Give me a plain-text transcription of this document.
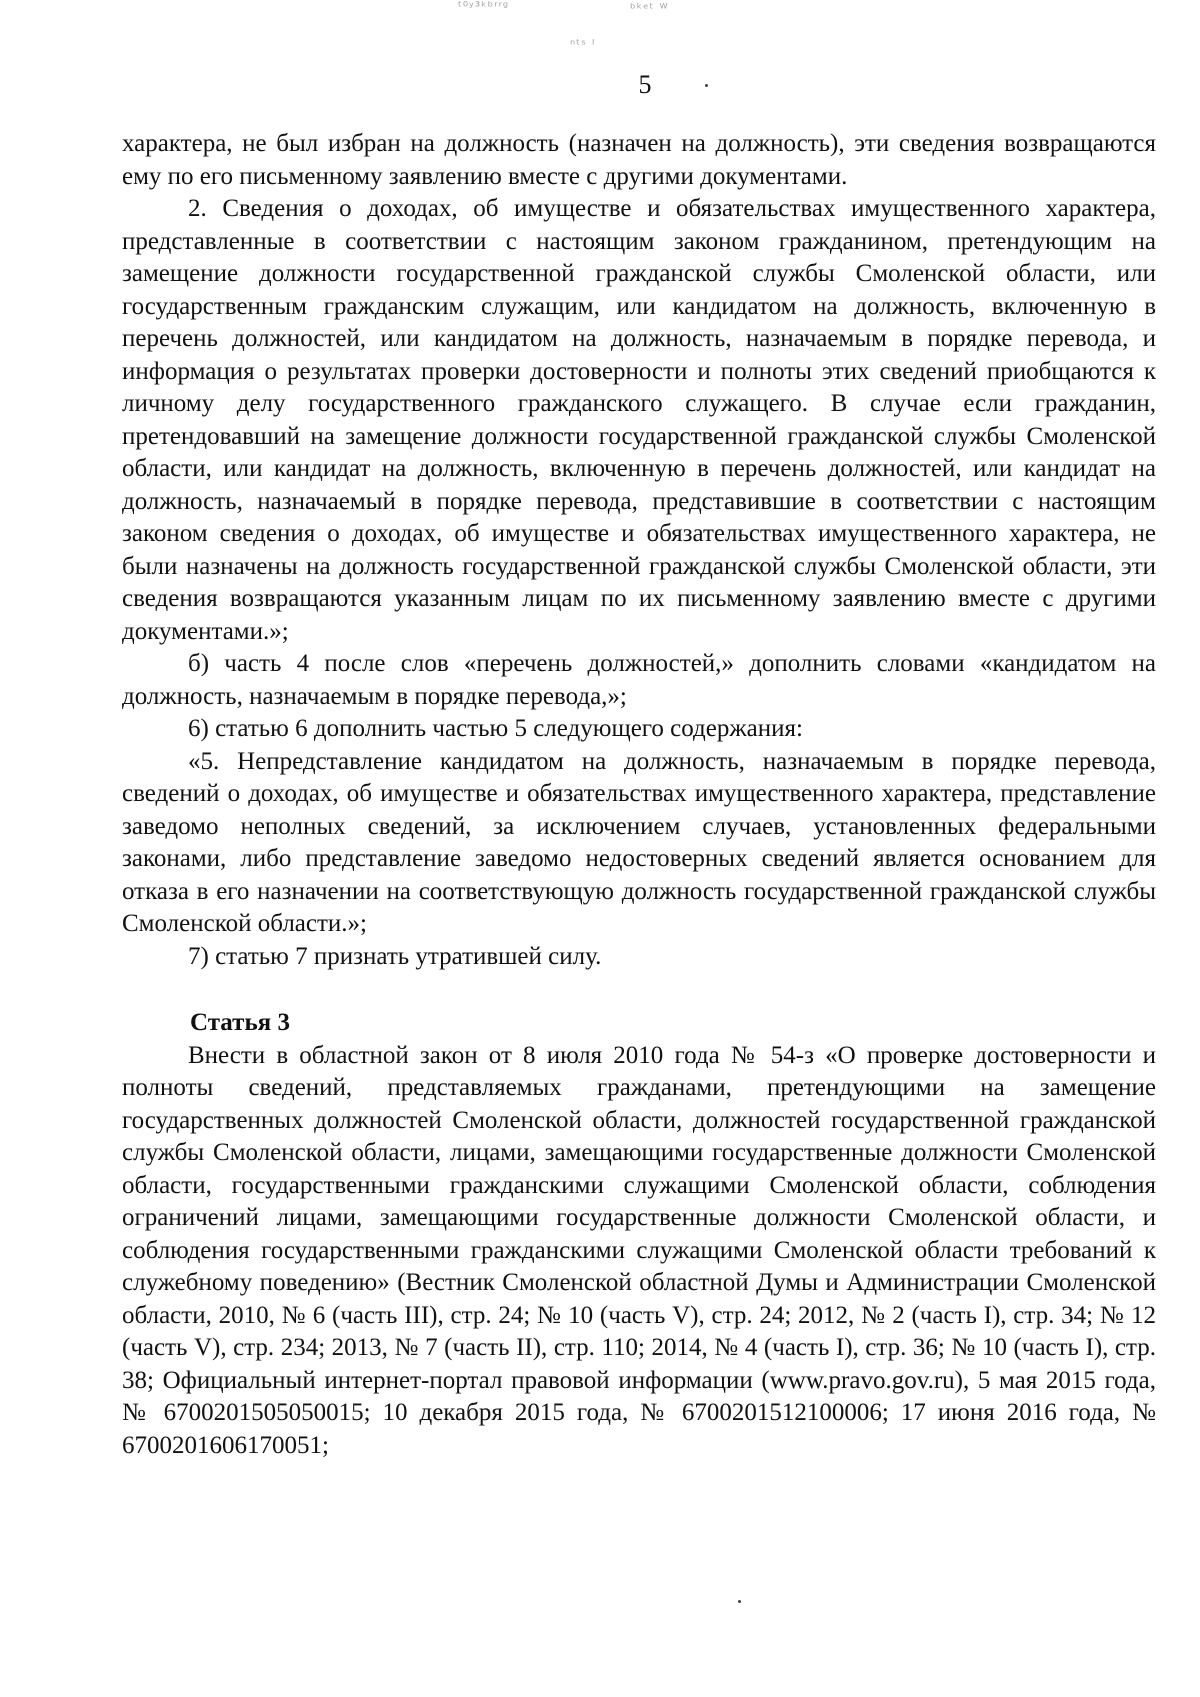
ᵗ⁰ʸ³ᵏᵇʳʳᵍ	ᵇᵏᵉᵗ ᵂ
ⁿᵗˢ ᴵ
5

характера, не был избран на должность (назначен на должность), эти сведения возвращаются ему по его письменному заявлению вместе с другими документами.

2. Сведения о доходах, об имуществе и обязательствах имущественного характера, представленные в соответствии с настоящим законом гражданином, претендующим на замещение должности государственной гражданской службы Смоленской области, или государственным гражданским служащим, или кандидатом на должность, включенную в перечень должностей, или кандидатом на должность, назначаемым в порядке перевода, и информация о результатах проверки достоверности и полноты этих сведений приобщаются к личному делу государственного гражданского служащего. В случае если гражданин, претендовавший на замещение должности государственной гражданской службы Смоленской области, или кандидат на должность, включенную в перечень должностей, или кандидат на должность, назначаемый в порядке перевода, представившие в соответствии с настоящим законом сведения о доходах, об имуществе и обязательствах имущественного характера, не были назначены на должность государственной гражданской службы Смоленской области, эти сведения возвращаются указанным лицам по их письменному заявлению вместе с другими документами.»;

б) часть 4 после слов «перечень должностей,» дополнить словами «кандидатом на должность, назначаемым в порядке перевода,»;

6) статью 6 дополнить частью 5 следующего содержания:

«5. Непредставление кандидатом на должность, назначаемым в порядке перевода, сведений о доходах, об имуществе и обязательствах имущественного характера, представление заведомо неполных сведений, за исключением случаев, установленных федеральными законами, либо представление заведомо недостоверных сведений является основанием для отказа в его назначении на соответствующую должность государственной гражданской службы Смоленской области.»;

7) статью 7 признать утратившей силу.

Статья 3

Внести в областной закон от 8 июля 2010 года № 54-з «О проверке достоверности и полноты сведений, представляемых гражданами, претендующими на замещение государственных должностей Смоленской области, должностей государственной гражданской службы Смоленской области, лицами, замещающими государственные должности Смоленской области, государственными гражданскими служащими Смоленской области, соблюдения ограничений лицами, замещающими государственные должности Смоленской области, и соблюдения государственными гражданскими служащими Смоленской области требований к служебному поведению» (Вестник Смоленской областной Думы и Администрации Смоленской области, 2010, № 6 (часть III), стр. 24; № 10 (часть V), стр. 24; 2012, № 2 (часть I), стр. 34; № 12 (часть V), стр. 234; 2013, № 7 (часть II), стр. 110; 2014, № 4 (часть I), стр. 36; № 10 (часть I), стр. 38; Официальный интернет-портал правовой информации (www.pravo.gov.ru), 5 мая 2015 года, № 6700201505050015; 10 декабря 2015 года, № 6700201512100006; 17 июня 2016 года, № 6700201606170051;
